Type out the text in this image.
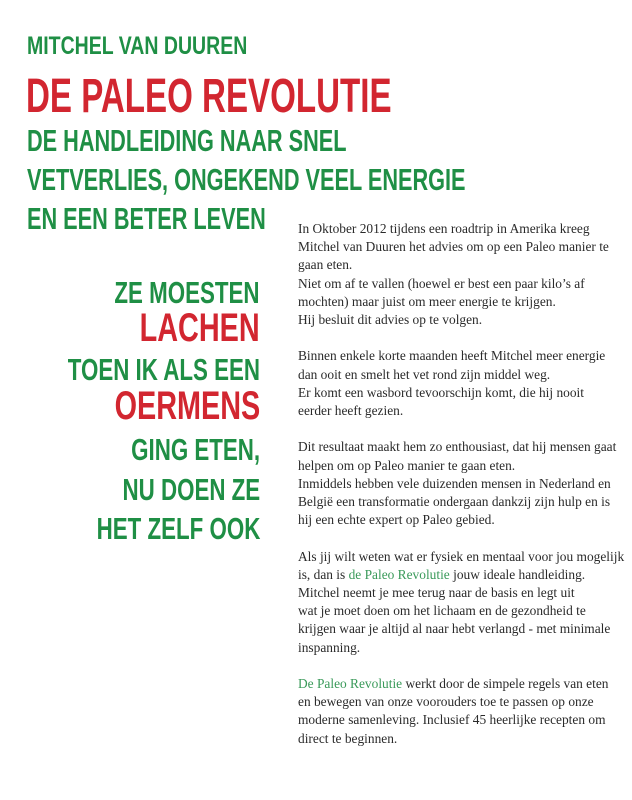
MITCHEL VAN DUUREN
DE PALEO REVOLUTIE
DE HANDLEIDING NAAR SNEL
VETVERLIES, ONGEKEND VEEL ENERGIE
EN EEN BETER LEVEN
ZE MOESTEN
LACHEN
TOEN IK ALS EEN
OERMENS
GING ETEN,
NU DOEN ZE
HET ZELF OOK

In Oktober 2012 tijdens een roadtrip in Amerika kreeg
Mitchel van Duuren het advies om op een Paleo manier te
gaan eten.
Niet om af te vallen (hoewel er best een paar kilo’s af
mochten) maar juist om meer energie te krijgen.
Hij besluit dit advies op te volgen.

Binnen enkele korte maanden heeft Mitchel meer energie
dan ooit en smelt het vet rond zijn middel weg.
Er komt een wasbord tevoorschijn komt, die hij nooit
eerder heeft gezien.

Dit resultaat maakt hem zo enthousiast, dat hij mensen gaat
helpen om op Paleo manier te gaan eten.
Inmiddels hebben vele duizenden mensen in Nederland en
België een transformatie ondergaan dankzij zijn hulp en is
hij een echte expert op Paleo gebied.

Als jij wilt weten wat er fysiek en mentaal voor jou mogelijk
is, dan is de Paleo Revolutie jouw ideale handleiding.
Mitchel neemt je mee terug naar de basis en legt uit
wat je moet doen om het lichaam en de gezondheid te
krijgen waar je altijd al naar hebt verlangd - met minimale
inspanning.

De Paleo Revolutie werkt door de simpele regels van eten
en bewegen van onze voorouders toe te passen op onze
moderne samenleving. Inclusief 45 heerlijke recepten om
direct te beginnen.
